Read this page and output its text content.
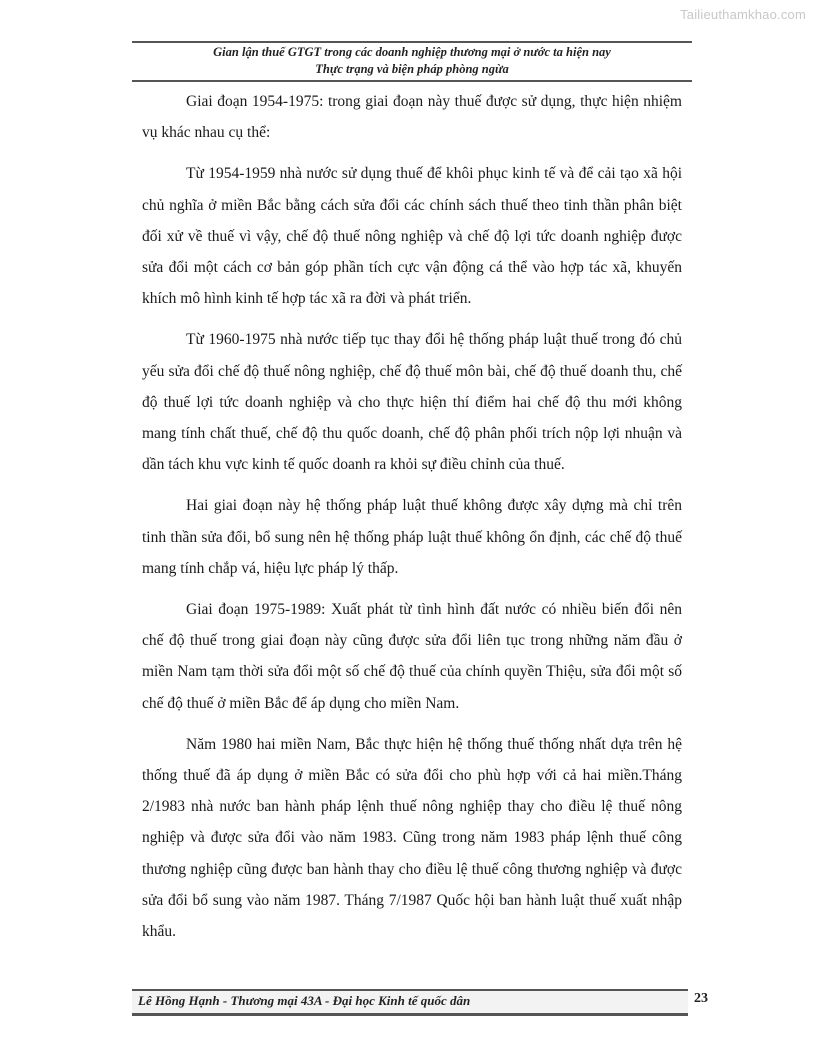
Tailieuthamkhao.com
Gian lận thuế GTGT trong các doanh nghiệp thương mại ở nước ta hiện nay
Thực trạng và biện pháp phòng ngừa

Giai đoạn 1954-1975: trong giai đoạn này thuế được sử dụng, thực hiện nhiệm vụ khác nhau cụ thể:

Từ 1954-1959 nhà nước sử dụng thuế để khôi phục kinh tế và để cải tạo xã hội chủ nghĩa ở miền Bắc bằng cách sửa đổi các chính sách thuế theo tinh thần phân biệt đối xử về thuế vì vậy, chế độ thuế nông nghiệp và chế độ lợi tức doanh nghiệp được sửa đổi một cách cơ bản góp phần tích cực vận động cá thể vào hợp tác xã, khuyến khích mô hình kinh tế hợp tác xã ra đời và phát triển.

Từ 1960-1975 nhà nước tiếp tục thay đổi hệ thống pháp luật thuế trong đó chủ yếu sửa đổi chế độ thuế nông nghiệp, chế độ thuế môn bài, chế độ thuế doanh thu, chế độ thuế lợi tức doanh nghiệp và cho thực hiện thí điểm hai chế độ thu mới không mang tính chất thuế, chế độ thu quốc doanh, chế độ phân phối trích nộp lợi nhuận và dần tách khu vực kinh tế quốc doanh ra khỏi sự điều chỉnh của thuế.

Hai giai đoạn này hệ thống pháp luật thuế không được xây dựng mà chỉ trên tinh thần sửa đổi, bổ sung nên hệ thống pháp luật thuế không ổn định, các chế độ thuế mang tính chắp vá, hiệu lực pháp lý thấp.

Giai đoạn 1975-1989: Xuất phát từ tình hình đất nước có nhiều biến đổi nên chế độ thuế trong giai đoạn này cũng được sửa đổi liên tục trong những năm đầu ở miền Nam tạm thời sửa đổi một số chế độ thuế của chính quyền Thiệu, sửa đổi một số chế độ thuế ở miền Bắc để áp dụng cho miền Nam.

Năm 1980 hai miền Nam, Bắc thực hiện hệ thống thuế thống nhất dựa trên hệ thống thuế đã áp dụng ở miền Bắc có sửa đổi cho phù hợp với cả hai miền.Tháng 2/1983 nhà nước ban hành pháp lệnh thuế nông nghiệp thay cho điều lệ thuế nông nghiệp và được sửa đổi vào năm 1983. Cũng trong năm 1983 pháp lệnh thuế công thương nghiệp cũng được ban hành thay cho điều lệ thuế công thương nghiệp và được sửa đổi bổ sung vào năm 1987. Tháng 7/1987 Quốc hội ban hành luật thuế xuất nhập khẩu.

Lê Hồng Hạnh - Thương mại 43A - Đại học Kinh tế quốc dân	23
